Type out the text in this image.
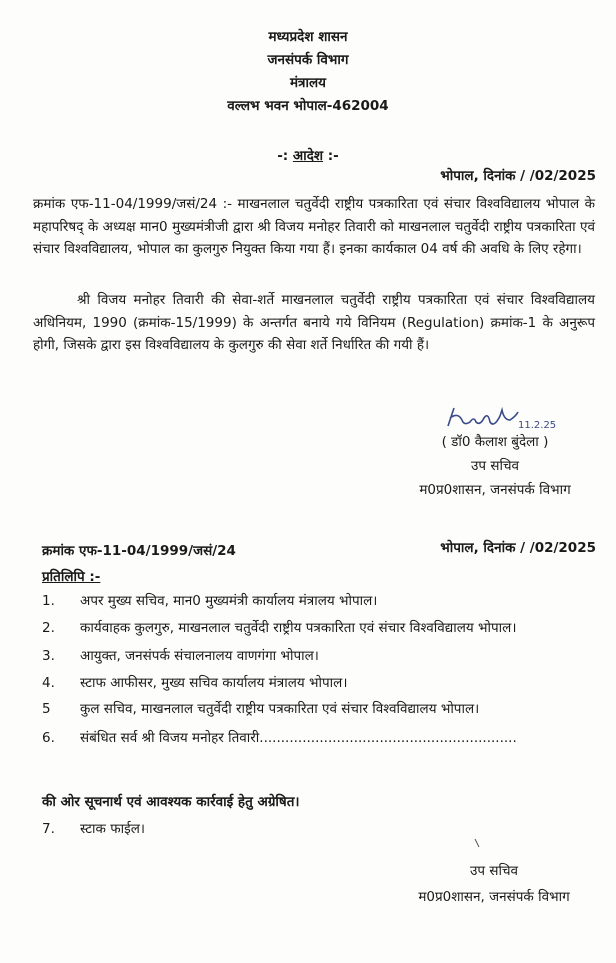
मध्यप्रदेश शासन
जनसंपर्क विभाग
मंत्रालय
वल्लभ भवन भोपाल-462004
-: आदेश :-
भोपाल, दिनांक / /02/2025
क्रमांक एफ-11-04/1999/जसं/24 :- माखनलाल चतुर्वेदी राष्ट्रीय पत्रकारिता एवं संचार विश्वविद्यालय भोपाल के महापरिषद् के अध्यक्ष मान0 मुख्यमंत्रीजी द्वारा श्री विजय मनोहर तिवारी को माखनलाल चतुर्वेदी राष्ट्रीय पत्रकारिता एवं संचार विश्वविद्यालय, भोपाल का कुलगुरु नियुक्त किया गया हैं। इनका कार्यकाल 04 वर्ष की अवधि के लिए रहेगा।
श्री विजय मनोहर तिवारी की सेवा-शर्ते माखनलाल चतुर्वेदी राष्ट्रीय पत्रकारिता एवं संचार विश्वविद्यालय अधिनियम, 1990 (क्रमांक-15/1999) के अन्तर्गत बनाये गये विनियम (Regulation) क्रमांक-1 के अनुरूप होगी, जिसके द्वारा इस विश्वविद्यालय के कुलगुरु की सेवा शर्ते निर्धारित की गयी हैं।
11.2.25
( डॉ0 कैलाश बुंदेला )
उप सचिव
म0प्र0शासन, जनसंपर्क विभाग
क्रमांक एफ-11-04/1999/जसं/24	भोपाल, दिनांक / /02/2025
प्रतिलिपि :-
1.	अपर मुख्य सचिव, मान0 मुख्यमंत्री कार्यालय मंत्रालय भोपाल।
2.	कार्यवाहक कुलगुरु, माखनलाल चतुर्वेदी राष्ट्रीय पत्रकारिता एवं संचार विश्वविद्यालय भोपाल।
3.	आयुक्त, जनसंपर्क संचालनालय वाणगंगा भोपाल।
4.	स्टाफ आफीसर, मुख्य सचिव कार्यालय मंत्रालय भोपाल।
5	कुल सचिव, माखनलाल चतुर्वेदी राष्ट्रीय पत्रकारिता एवं संचार विश्वविद्यालय भोपाल।
6.	संबंधित सर्व श्री विजय मनोहर तिवारी............................................................
की ओर सूचनार्थ एवं आवश्यक कार्रवाई हेतु अग्रेषित।
7.	स्टाक फाईल।
उप सचिव
म0प्र0शासन, जनसंपर्क विभाग
